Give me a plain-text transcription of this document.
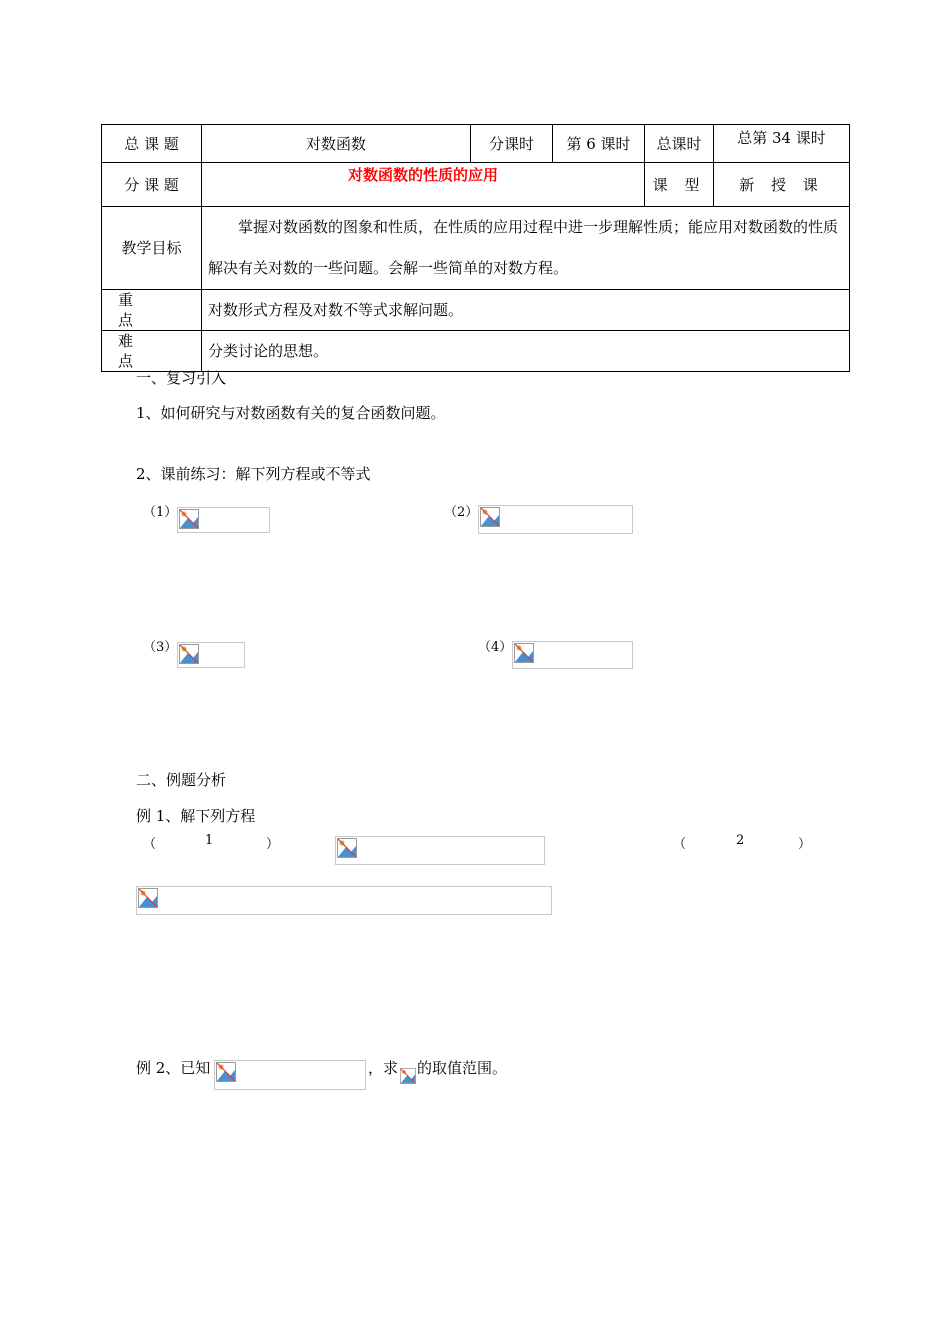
总 课 题	对数函数	分课时	第 6 课时	总课时	总第 34 课时
分 课 题	对数函数的性质的应用			课 型	新 授 课
教学目标	掌握对数函数的图象和性质，在性质的应用过程中进一步理解性质；能应用对数函数的性质解决有关对数的一些问题。会解一些简单的对数方程。				
重 点	对数形式方程及对数不等式求解问题。				
难 点	分类讨论的思想。				
一、复习引入
1、如何研究与对数函数有关的复合函数问题。
2、课前练习：解下列方程或不等式
（1）	（2）
（3）	（4）
二、例题分析
例 1、解下列方程
（	1	）	（	2	）
例 2、已知	，求 的取值范围。
